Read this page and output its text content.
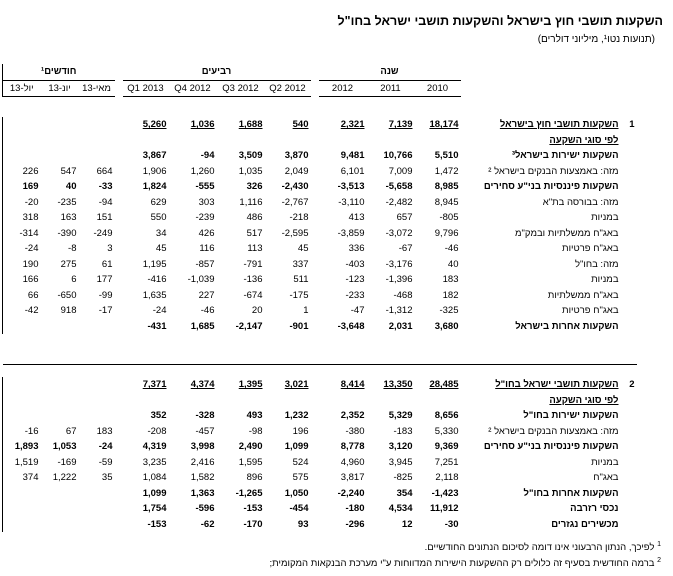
השקעות תושבי חוץ בישראל והשקעות תושבי ישראל בחו"ל
(תנועות נטו¹, מיליוני דולרים)

חודשים¹				רביעים					שנה				
יול-13	יונ-13	מאי-13		Q1 2013	Q4 2012	Q3 2012	Q2 2012		2012	2011	2010		

				5,260	1,036	1,688	540		2,321	7,139	18,174	השקעות תושבי חוץ בישראל	1
												לפי סוגי השקעה	
				3,867	-94	3,509	3,870		9,481	10,766	5,510	השקעות ישירות בישראל³	
226	547	664		1,906	1,260	1,035	2,049		6,101	7,009	1,472	מזה: באמצעות הבנקים בישראל ²	
169	40	-33		1,824	-555	326	-2,430		-3,513	-5,658	8,985	השקעות פיננסיות בני"ע סחירים	
-20	-235	-94		629	303	1,116	-2,767		-3,110	-2,482	8,945	מזה: בבורסה בת"א	
318	163	151		550	-239	486	-218		413	657	-805	במניות	
-314	-390	-249		34	426	517	-2,595		-3,859	-3,072	9,796	באג"ח ממשלתיות ובמק"מ	
-24	-8	3		45	116	113	45		336	-67	-46	באג"ח פרטיות	
190	275	61		1,195	-857	-791	337		-403	-3,176	40	מזה: בחו"ל	
166	6	177		-416	-1,039	-136	511		-123	-1,396	183	במניות	
66	-650	-99		1,635	227	-674	-175		-233	-468	182	באג"ח ממשלתיות	
-42	918	-17		-24	-46	20	1		-47	-1,312	-325	באג"ח פרטיות	
				-431	1,685	-2,147	-901		-3,648	2,031	3,680	השקעות אחרות בישראל	

				7,371	4,374	1,395	3,021		8,414	13,350	28,485	השקעות תושבי ישראל בחו"ל	2
												לפי סוגי השקעה	
				352	-328	493	1,232		2,352	5,329	8,656	השקעות ישירות בחו"ל	
-16	67	183		-208	-457	-98	196		-380	-183	5,330	מזה: באמצעות הבנקים בישראל ²	
1,893	1,053	-24		4,319	3,998	2,490	1,099		8,778	3,120	9,369	השקעות פיננסיות בני"ע סחירים	
1,519	-169	-59		3,235	2,416	1,595	524		4,960	3,945	7,251	במניות	
374	1,222	35		1,084	1,582	896	575		3,817	-825	2,118	באג"ח	
				1,099	1,363	-1,265	1,050		-2,240	354	-1,423	השקעות אחרות בחו"ל	
				1,754	-596	-153	-454		-180	4,534	11,912	נכסי רזרבה	
				-153	-62	-170	93		-296	12	-30	מכשירים נגזרים	
$^1$ לפיכך, הנתון הרבעוני אינו דומה לסיכום הנתונים החודשיים.
$^2$ ברמה החודשית בסעיף זה כלולים רק ההשקעות הישירות המדווחות ע"י מערכת הבנקאות המקומית;
